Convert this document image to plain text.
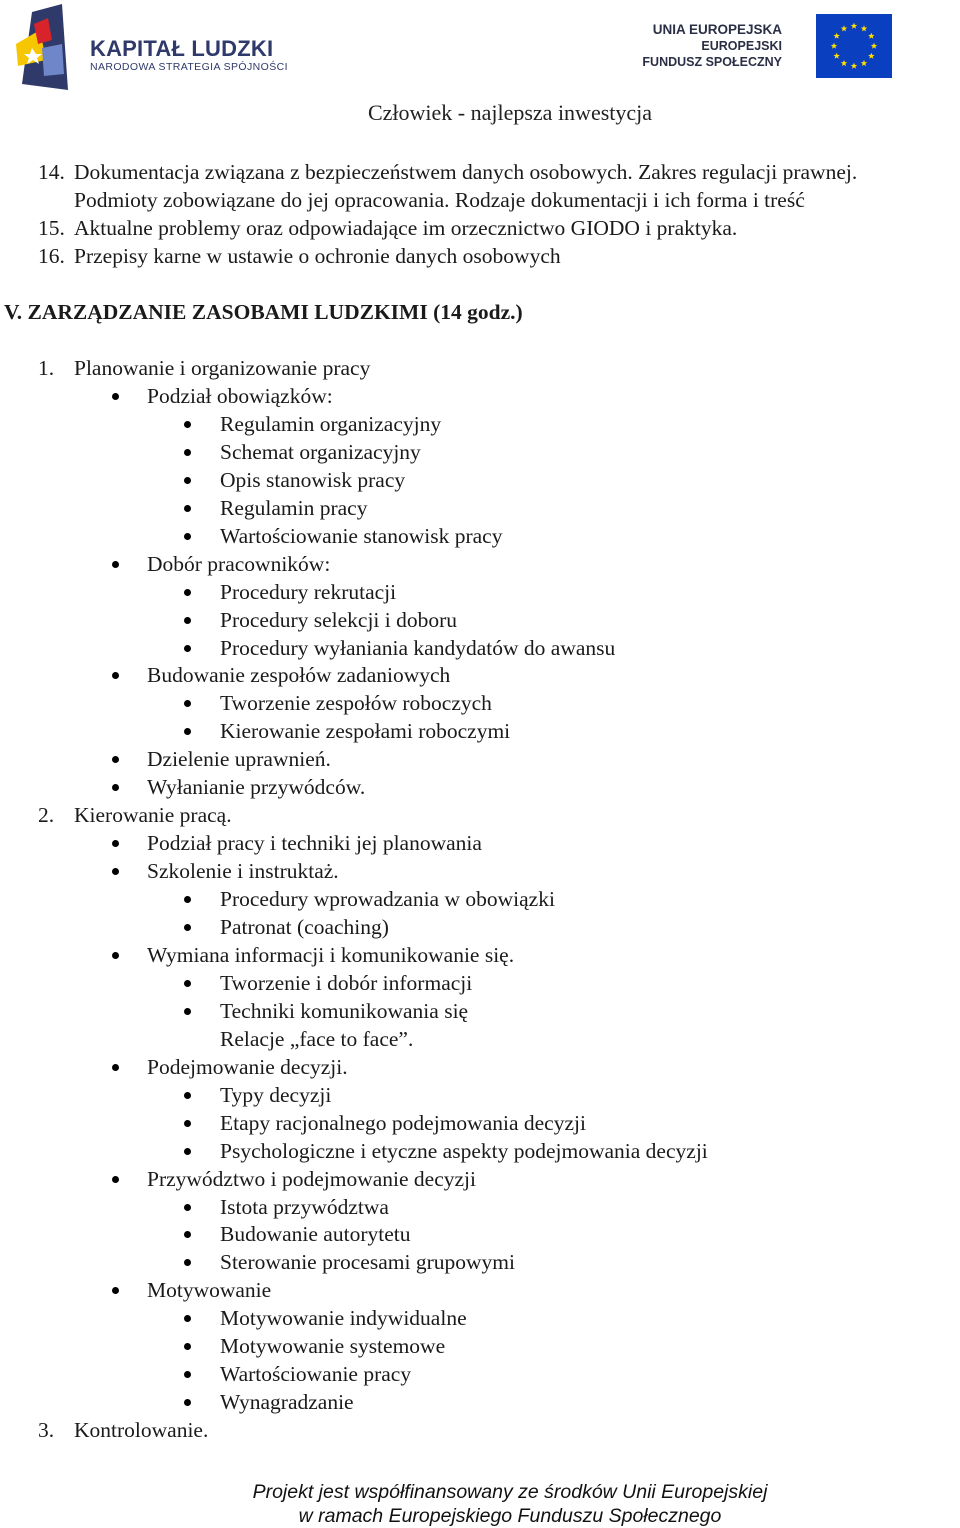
KAPITAŁ LUDZKI
NARODOWA STRATEGIA SPÓJNOŚCI
UNIA EUROPEJSKA
EUROPEJSKI
FUNDUSZ SPOŁECZNY
Człowiek - najlepsza inwestycja
14. Dokumentacja związana z bezpieczeństwem danych osobowych. Zakres regulacji prawnej.
Podmioty zobowiązane do jej opracowania. Rodzaje dokumentacji i ich forma i treść
15. Aktualne problemy oraz odpowiadające im orzecznictwo GIODO i praktyka.
16. Przepisy karne w ustawie o ochronie danych osobowych
V. ZARZĄDZANIE ZASOBAMI LUDZKIMI (14 godz.)
1. Planowanie i organizowanie pracy
Podział obowiązków:
Regulamin organizacyjny
Schemat organizacyjny
Opis stanowisk pracy
Regulamin pracy
Wartościowanie stanowisk pracy
Dobór pracowników:
Procedury rekrutacji
Procedury selekcji i doboru
Procedury wyłaniania kandydatów do awansu
Budowanie zespołów zadaniowych
Tworzenie zespołów roboczych
Kierowanie zespołami roboczymi
Dzielenie uprawnień.
Wyłanianie przywódców.
2. Kierowanie pracą.
Podział pracy i techniki jej planowania
Szkolenie i instruktaż.
Procedury wprowadzania w obowiązki
Patronat (coaching)
Wymiana informacji i komunikowanie się.
Tworzenie i dobór informacji
Techniki komunikowania się
Relacje „face to face”.
Podejmowanie decyzji.
Typy decyzji
Etapy racjonalnego podejmowania decyzji
Psychologiczne i etyczne aspekty podejmowania decyzji
Przywództwo i podejmowanie decyzji
Istota przywództwa
Budowanie autorytetu
Sterowanie procesami grupowymi
Motywowanie
Motywowanie indywidualne
Motywowanie systemowe
Wartościowanie pracy
Wynagradzanie
3. Kontrolowanie.
Projekt jest współfinansowany ze środków Unii Europejskiej
w ramach Europejskiego Funduszu Społecznego
